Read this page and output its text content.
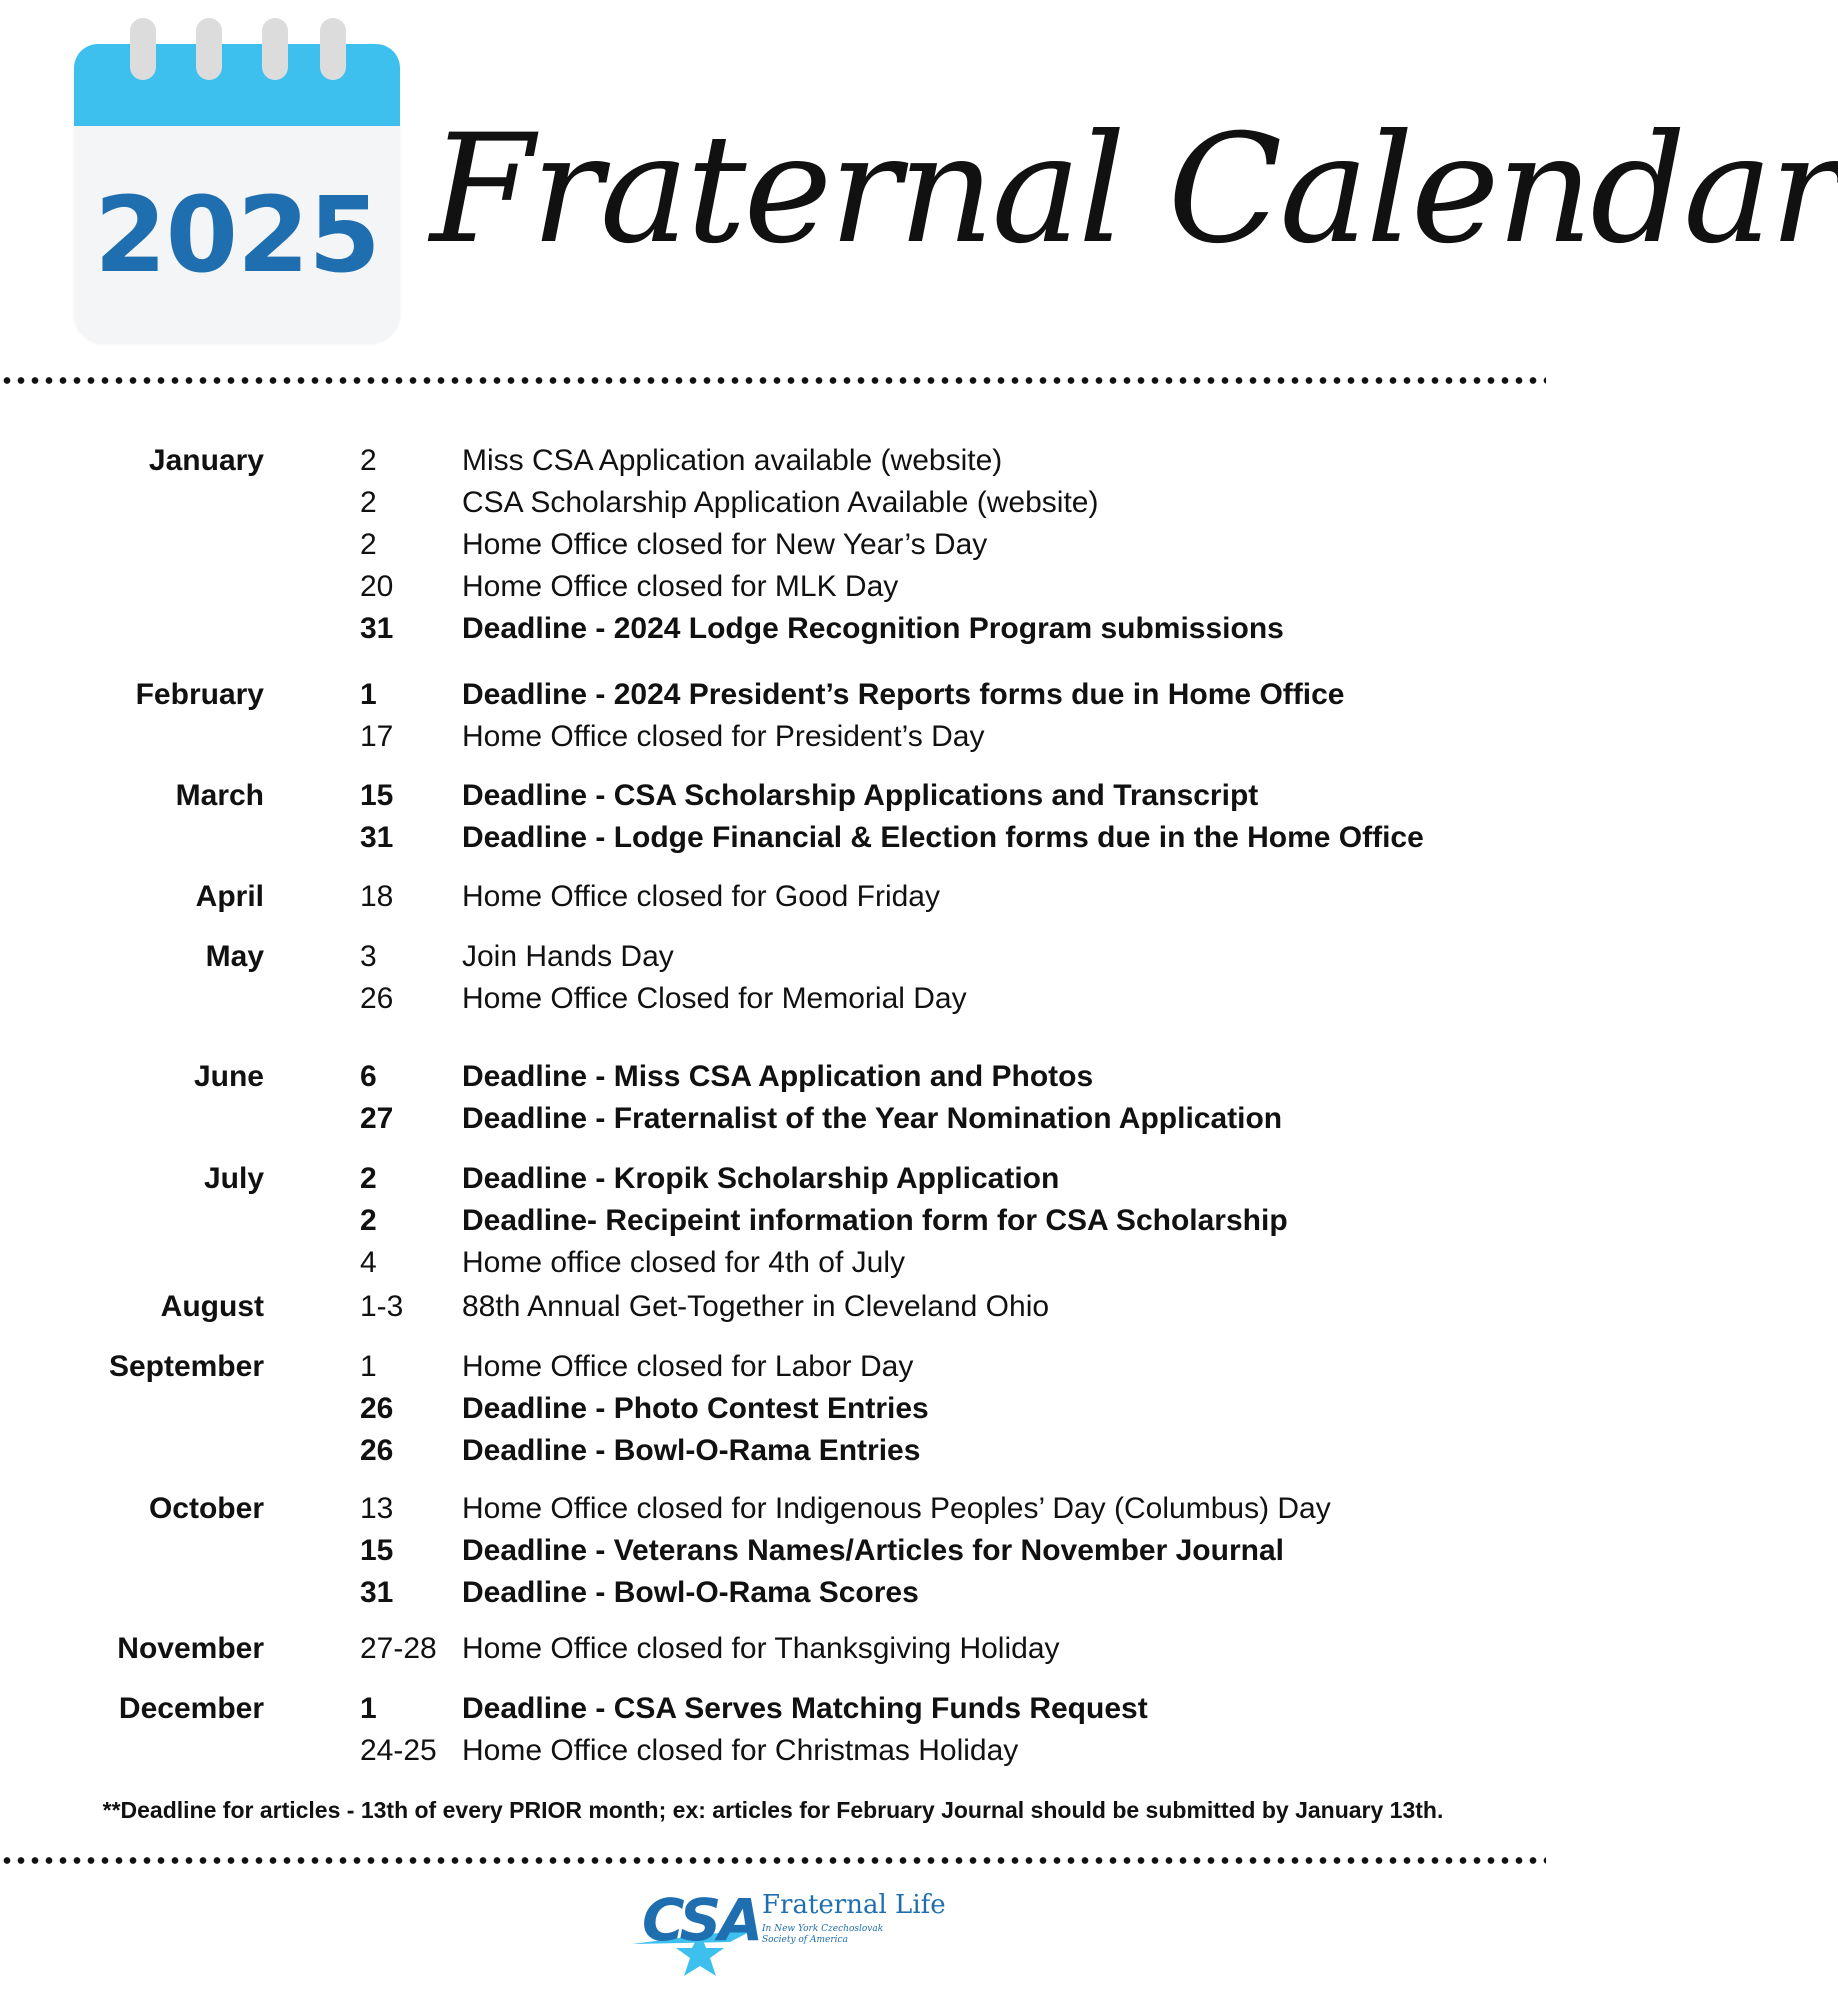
2025 Fraternal Calendar
January	2	Miss CSA Application available (website)
2	CSA Scholarship Application Available (website)
2	Home Office closed for New Year’s Day
20 Home Office closed for MLK Day
31 Deadline - 2024 Lodge Recognition Program submissions
February	1	Deadline - 2024 President’s Reports forms due in Home Office
17 Home Office closed for President’s Day
March	15 Deadline - CSA Scholarship Applications and Transcript
31 Deadline - Lodge Financial & Election forms due in the Home Office
April	18 Home Office closed for Good Friday
May	3	Join Hands Day
26 Home Office Closed for Memorial Day
June	6	Deadline - Miss CSA Application and Photos
27 Deadline - Fraternalist of the Year Nomination Application
July	2	Deadline - Kropik Scholarship Application
2	Deadline- Recipeint information form for CSA Scholarship
4	Home office closed for 4th of July
August	1-3 88th Annual Get-Together in Cleveland Ohio
September	1	Home Office closed for Labor Day
26 Deadline - Photo Contest Entries
26 Deadline - Bowl-O-Rama Entries
October	13 Home Office closed for Indigenous Peoples’ Day (Columbus) Day
15 Deadline - Veterans Names/Articles for November Journal
31 Deadline - Bowl-O-Rama Scores
November	27-28 Home Office closed for Thanksgiving Holiday
December	1	Deadline - CSA Serves Matching Funds Request
24-25 Home Office closed for Christmas Holiday
**Deadline for articles - 13th of every PRIOR month; ex: articles for February Journal should be submitted by January 13th.
CSA Fraternal Life
In New York Czechoslovak
Society of America
